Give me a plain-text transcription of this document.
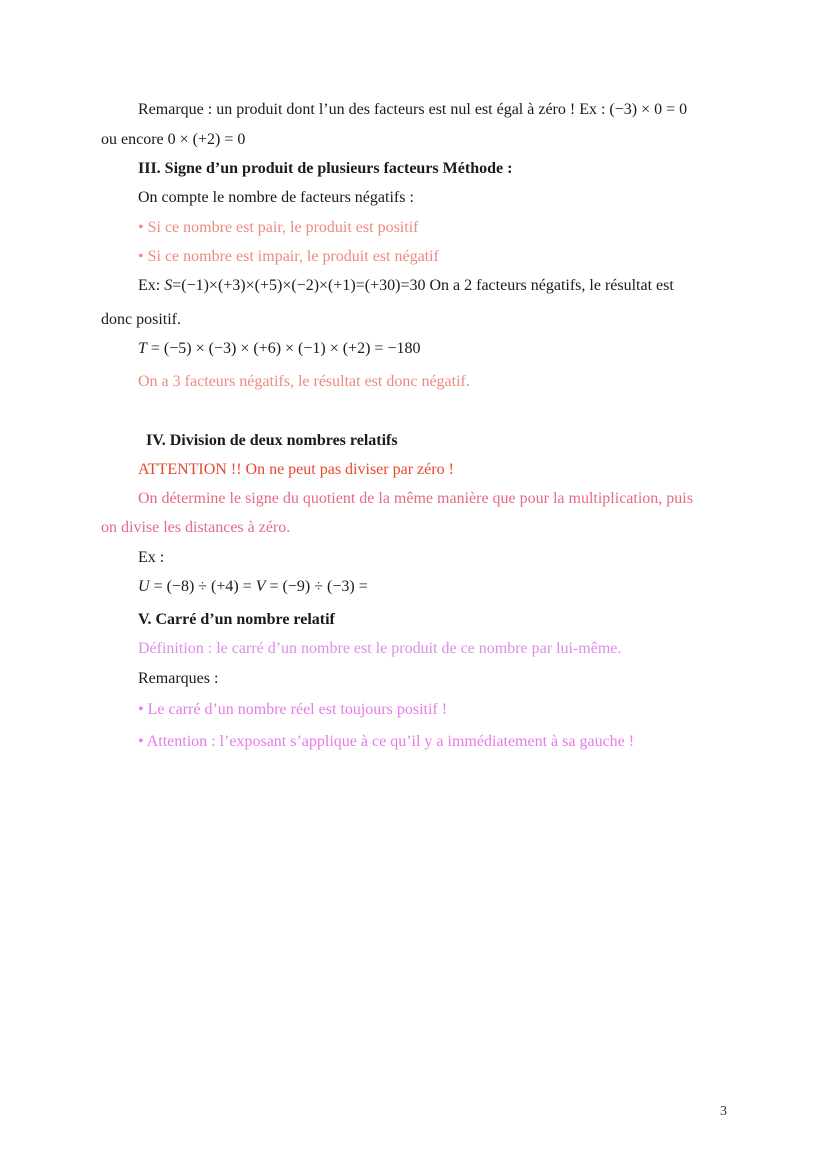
Remarque : un produit dont l’un des facteurs est nul est égal à zéro ! Ex : (−3) × 0 = 0
ou encore 0 × (+2) = 0
III. Signe d’un produit de plusieurs facteurs Méthode :
On compte le nombre de facteurs négatifs :
• Si ce nombre est pair, le produit est positif
• Si ce nombre est impair, le produit est négatif
Ex: S=(−1)×(+3)×(+5)×(−2)×(+1)=(+30)=30 On a 2 facteurs négatifs, le résultat est
donc positif.
T = (−5) × (−3) × (+6) × (−1) × (+2) = −180
On a 3 facteurs négatifs, le résultat est donc négatif.
IV. Division de deux nombres relatifs
ATTENTION !! On ne peut pas diviser par zéro !
On détermine le signe du quotient de la même manière que pour la multiplication, puis
on divise les distances à zéro.
Ex :
U = (−8) ÷ (+4) = V = (−9) ÷ (−3) =
V. Carré d’un nombre relatif
Définition : le carré d’un nombre est le produit de ce nombre par lui-même.
Remarques :
• Le carré d’un nombre réel est toujours positif !
• Attention : l’exposant s’applique à ce qu’il y a immédiatement à sa gauche !
3
